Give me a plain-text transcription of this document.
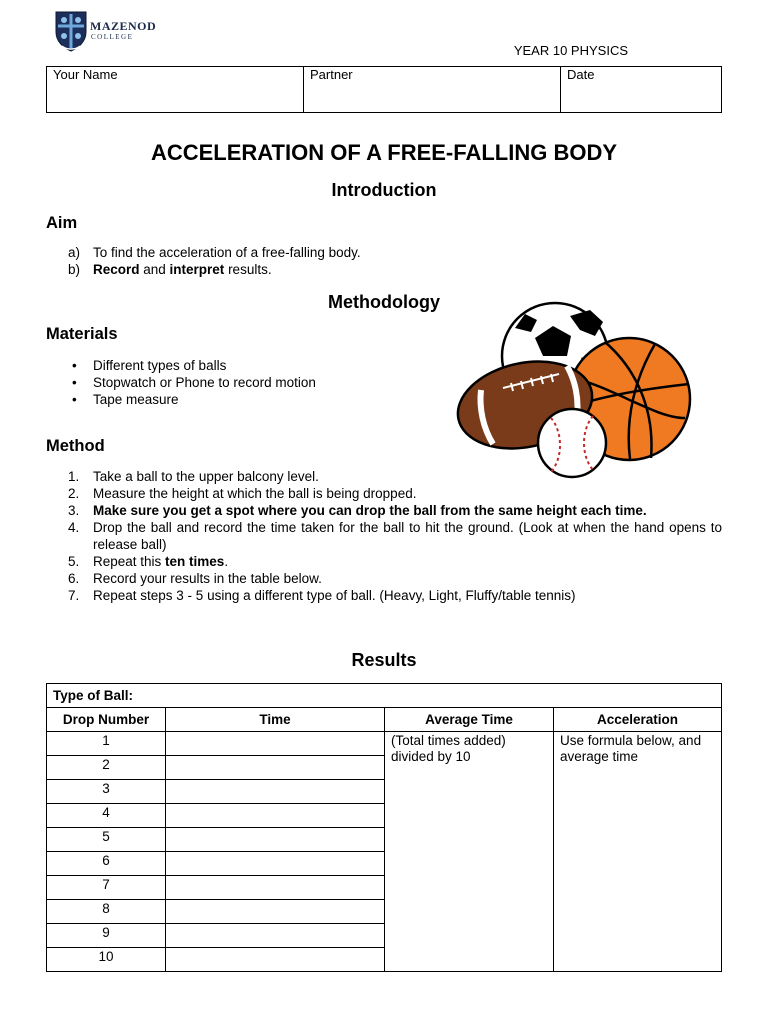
MAZENOD
COLLEGE
YEAR 10 PHYSICS
Your Name	Partner	Date
ACCELERATION OF A FREE-FALLING BODY
Introduction
Aim
a) To find the acceleration of a free-falling body.
b) Record and interpret results.
Methodology
Materials
•	Different types of balls
•	Stopwatch or Phone to record motion
•	Tape measure
Method
1.	Take a ball to the upper balcony level.
2.	Measure the height at which the ball is being dropped.
3.	Make sure you get a spot where you can drop the ball from the same height each time.
4.	Drop the ball and record the time taken for the ball to hit the ground. (Look at when the hand opens to release ball)
5.	Repeat this ten times.
6.	Record your results in the table below.
7.	Repeat steps 3 - 5 using a different type of ball. (Heavy, Light, Fluffy/table tennis)
Results
Type of Ball:			
Drop Number	Time	Average Time	Acceleration
1		(Total times added) divided by 10	Use formula below, and average time
2			
3			
4			
5			
6			
7			
8			
9			
10			
